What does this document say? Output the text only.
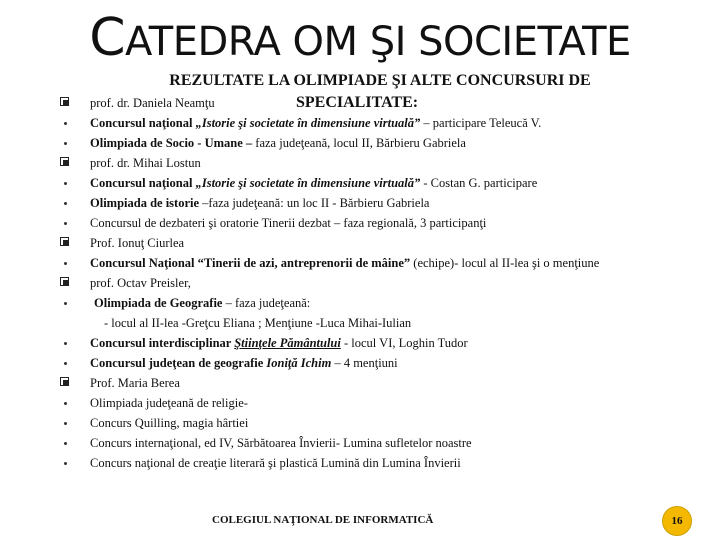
CATEDRA OM ŞI SOCIETATE
REZULTATE LA OLIMPIADE ŞI ALTE CONCURSURI DE
SPECIALITATE:
prof. dr. Daniela Neamţu
Concursul naţional „Istorie şi societate în dimensiune virtuală” – participare Teleucă V.
Olimpiada de Socio - Umane – faza judeţeană, locul II, Bărbieru Gabriela
prof. dr. Mihai Lostun
Concursul naţional „Istorie şi societate în dimensiune virtuală” - Costan G. participare
Olimpiada de istorie –faza judeţeană: un loc II - Bărbieru Gabriela
Concursul de dezbateri şi oratorie Tinerii dezbat – faza regională, 3 participanţi
Prof. Ionuţ Ciurlea
Concursul Naţional “Tinerii de azi, antreprenorii de mâine” (echipe)- locul al II-lea şi o menţiune
prof. Octav Preisler,
Olimpiada de Geografie – faza judeţeană:
- locul al II-lea -Greţcu Eliana ; Menţiune -Luca Mihai-Iulian
Concursul interdisciplinar Ştiinţele Pământului - locul VI, Loghin Tudor
Concursul judeţean de geografie Ioniţă Ichim – 4 menţiuni
Prof. Maria Berea
Olimpiada judeţeană de religie-
Concurs Quilling, magia hârtiei
Concurs internaţional, ed IV, Sărbătoarea Învierii- Lumina sufletelor noastre
Concurs naţional de creaţie literară şi plastică Lumină din Lumina Învierii
COLEGIUL NAŢIONAL DE INFORMATICĂ	16
